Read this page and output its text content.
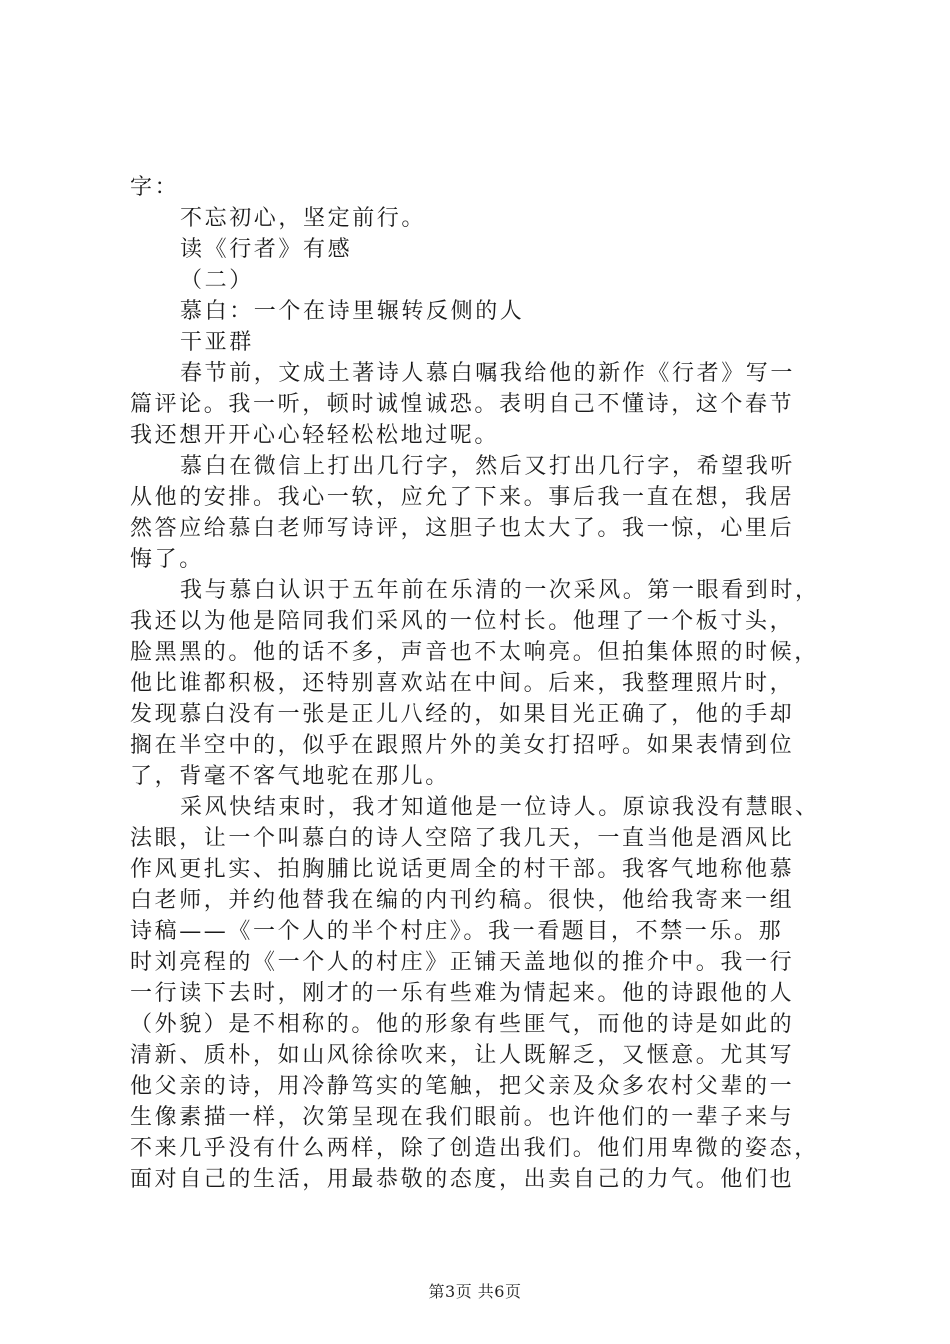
字：

不忘初心，坚定前行。

读《行者》有感

（二）

慕白：一个在诗里辗转反侧的人

干亚群

春节前，文成土著诗人慕白嘱我给他的新作《行者》写一

篇评论。我一听，顿时诚惶诚恐。表明自己不懂诗，这个春节

我还想开开心心轻轻松松地过呢。

慕白在微信上打出几行字，然后又打出几行字，希望我听

从他的安排。我心一软，应允了下来。事后我一直在想，我居

然答应给慕白老师写诗评，这胆子也太大了。我一惊，心里后

悔了。

我与慕白认识于五年前在乐清的一次采风。第一眼看到时，

我还以为他是陪同我们采风的一位村长。他理了一个板寸头，

脸黑黑的。他的话不多，声音也不太响亮。但拍集体照的时候，

他比谁都积极，还特别喜欢站在中间。后来，我整理照片时，

发现慕白没有一张是正儿八经的，如果目光正确了，他的手却

搁在半空中的，似乎在跟照片外的美女打招呼。如果表情到位

了，背毫不客气地驼在那儿。

采风快结束时，我才知道他是一位诗人。原谅我没有慧眼、

法眼，让一个叫慕白的诗人空陪了我几天，一直当他是酒风比

作风更扎实、拍胸脯比说话更周全的村干部。我客气地称他慕

白老师，并约他替我在编的内刊约稿。很快，他给我寄来一组

诗稿——《一个人的半个村庄》。我一看题目，不禁一乐。那

时刘亮程的《一个人的村庄》正铺天盖地似的推介中。我一行

一行读下去时，刚才的一乐有些难为情起来。他的诗跟他的人

（外貌）是不相称的。他的形象有些匪气，而他的诗是如此的

清新、质朴，如山风徐徐吹来，让人既解乏，又惬意。尤其写

他父亲的诗，用冷静笃实的笔触，把父亲及众多农村父辈的一

生像素描一样，次第呈现在我们眼前。也许他们的一辈子来与

不来几乎没有什么两样，除了创造出我们。他们用卑微的姿态，

面对自己的生活，用最恭敬的态度，出卖自己的力气。他们也

第3页 共6页
